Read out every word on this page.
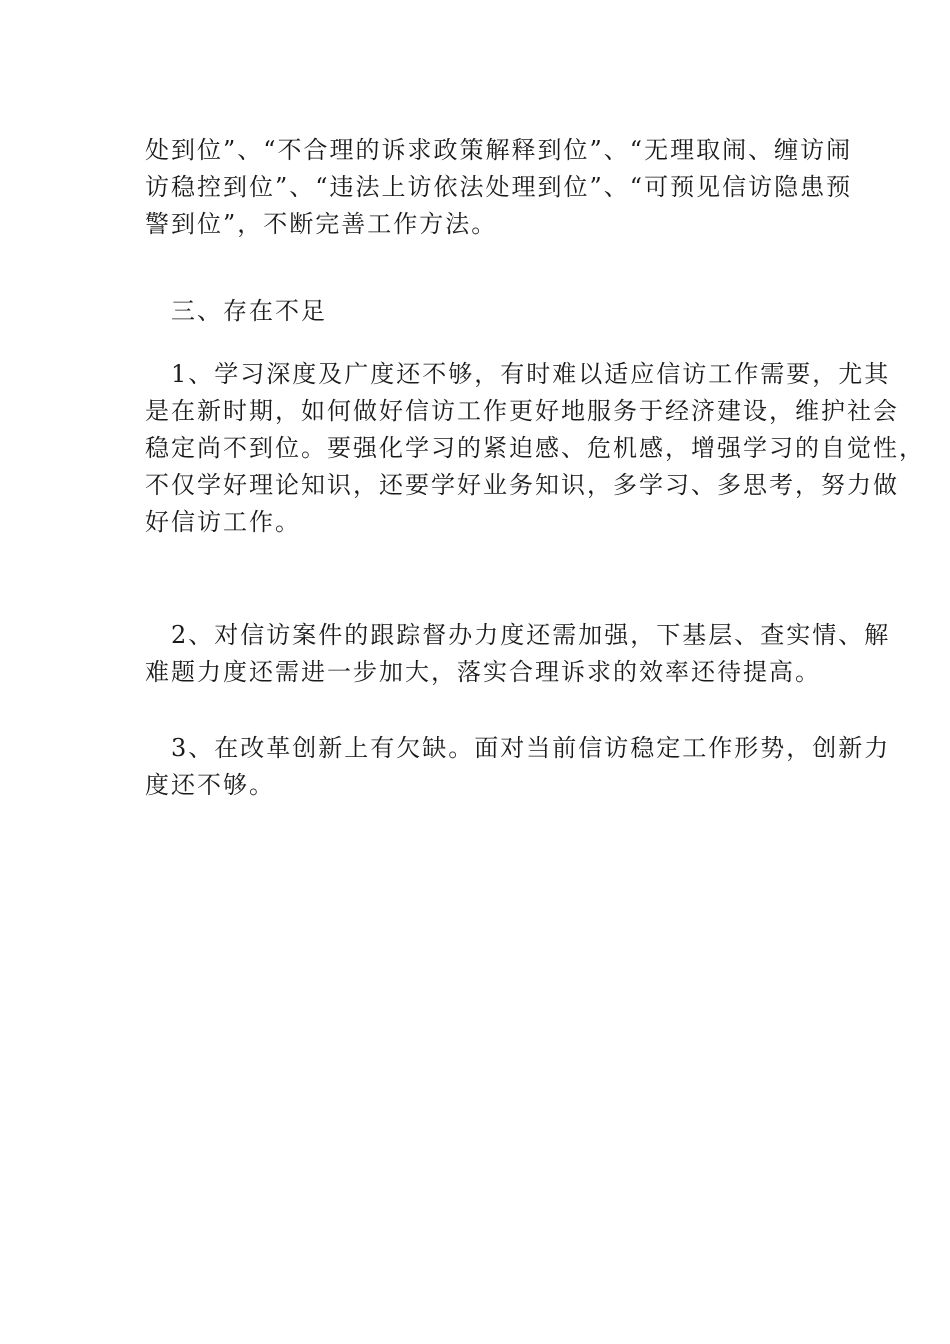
处到位”、“不合理的诉求政策解释到位”、“无理取闹、缠访闹
访稳控到位”、“违法上访依法处理到位”、“可预见信访隐患预
警到位”，不断完善工作方法。
　三、存在不足
　1、学习深度及广度还不够，有时难以适应信访工作需要，尤其
是在新时期，如何做好信访工作更好地服务于经济建设，维护社会
稳定尚不到位。要强化学习的紧迫感、危机感，增强学习的自觉性，
不仅学好理论知识，还要学好业务知识，多学习、多思考，努力做
好信访工作。
　2、对信访案件的跟踪督办力度还需加强，下基层、查实情、解
难题力度还需进一步加大，落实合理诉求的效率还待提高。
　3、在改革创新上有欠缺。面对当前信访稳定工作形势，创新力
度还不够。
